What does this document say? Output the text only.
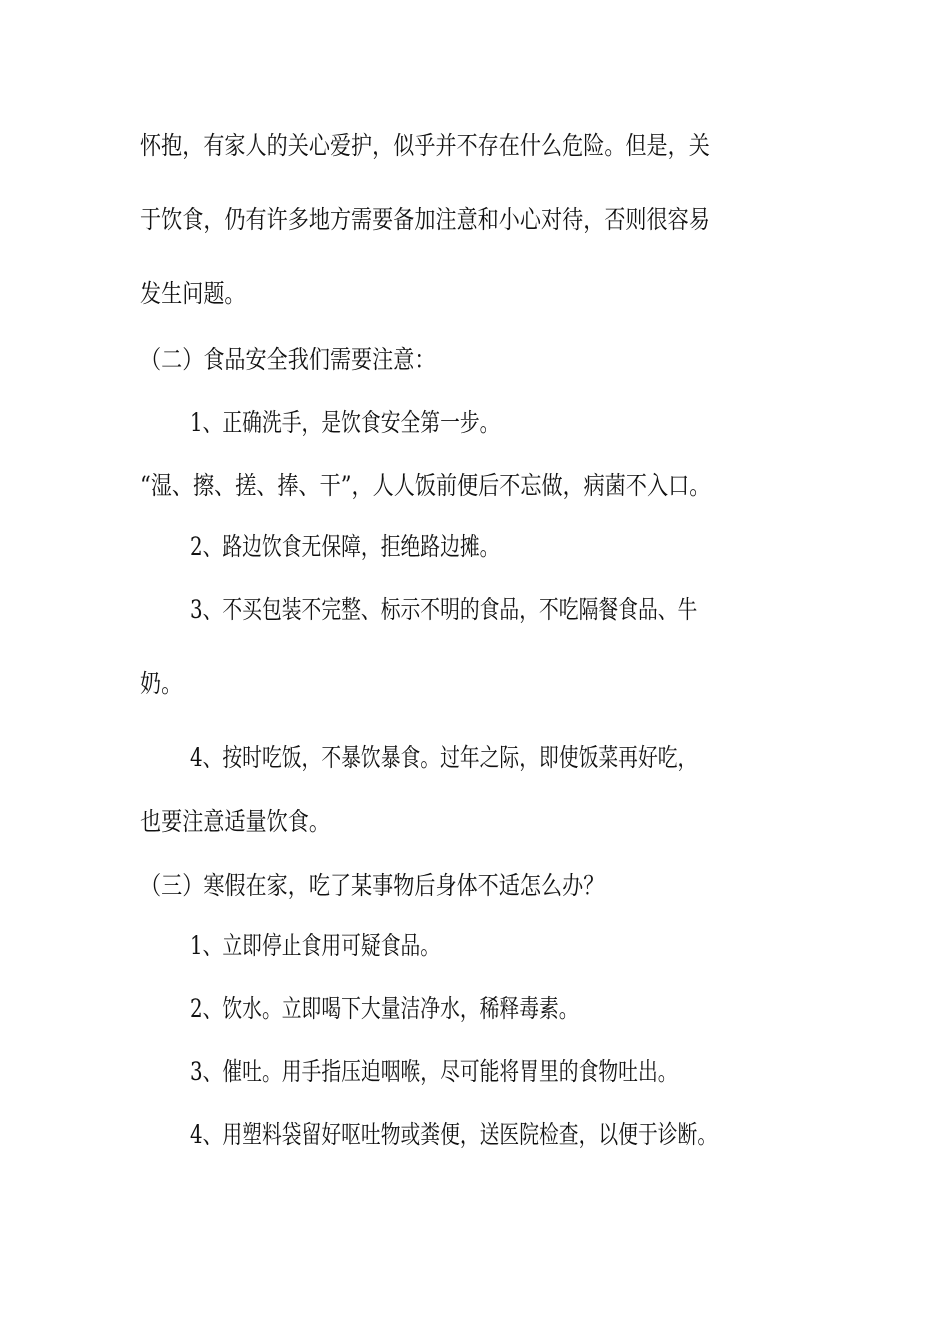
怀抱，有家人的关心爱护，似乎并不存在什么危险。但是，关
于饮食，仍有许多地方需要备加注意和小心对待，否则很容易
发生问题。
（二）食品安全我们需要注意：
1、正确洗手，是饮食安全第一步。
“湿、擦、搓、捧、干”，人人饭前便后不忘做，病菌不入口。
2、路边饮食无保障，拒绝路边摊。
3、不买包装不完整、标示不明的食品，不吃隔餐食品、牛
奶。
4、按时吃饭，不暴饮暴食。过年之际，即使饭菜再好吃，
也要注意适量饮食。
（三）寒假在家，吃了某事物后身体不适怎么办？
1、立即停止食用可疑食品。
2、饮水。立即喝下大量洁净水，稀释毒素。
3、催吐。用手指压迫咽喉，尽可能将胃里的食物吐出。
4、用塑料袋留好呕吐物或粪便，送医院检查，以便于诊断。
